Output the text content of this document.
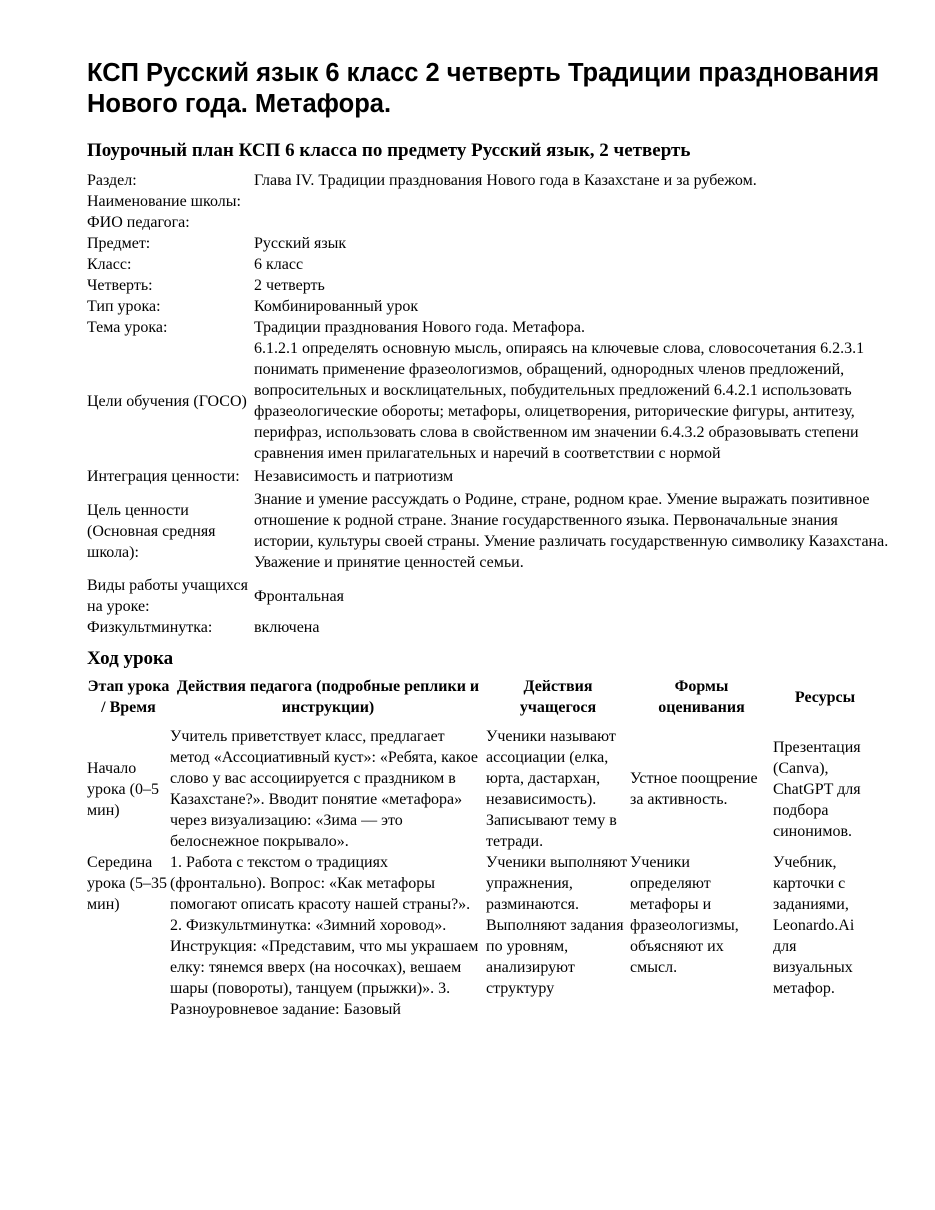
КСП Русский язык 6 класс 2 четверть Традиции празднования Нового года. Метафора.
Поурочный план КСП 6 класса по предмету Русский язык, 2 четверть
Раздел:	Глава IV. Традиции празднования Нового года в Казахстане и за рубежом.
Наименование школы:	
ФИО педагога:	
Предмет:	Русский язык
Класс:	6 класс
Четверть:	2 четверть
Тип урока:	Комбинированный урок
Тема урока:	Традиции празднования Нового года. Метафора.
Цели обучения (ГОСО)	6.1.2.1 определять основную мысль, опираясь на ключевые слова, словосочетания 6.2.3.1 понимать применение фразеологизмов, обращений, однородных членов предложений, вопросительных и восклицательных, побудительных предложений 6.4.2.1 использовать фразеологические обороты; метафоры, олицетворения, риторические фигуры, антитезу, перифраз, использовать слова в свойственном им значении 6.4.3.2 образовывать степени сравнения имен прилагательных и наречий в соответствии с нормой
Интеграция ценности:	Независимость и патриотизм
Цель ценности (Основная средняя школа):	Знание и умение рассуждать о Родине, стране, родном крае. Умение выражать позитивное отношение к родной стране. Знание государственного языка. Первоначальные знания истории, культуры своей страны. Умение различать государственную символику Казахстана. Уважение и принятие ценностей семьи.
Виды работы учащихся на уроке:	Фронтальная
Физкультминутка:	включена
Ход урока
Этап урока / Время	Действия педагога (подробные реплики и инструкции)	Действия учащегося	Формы оценивания	Ресурсы
Начало урока (0–5 мин)	Учитель приветствует класс, предлагает метод «Ассоциативный куст»: «Ребята, какое слово у вас ассоциируется с праздником в Казахстане?». Вводит понятие «метафора» через визуализацию: «Зима — это белоснежное покрывало».	Ученики называют ассоциации (елка, юрта, дастархан, независимость). Записывают тему в тетради.	Устное поощрение за активность.	Презентация (Canva), ChatGPT для подбора синонимов.
Середина урока (5–35 мин)	1. Работа с текстом о традициях (фронтально). Вопрос: «Как метафоры помогают описать красоту нашей страны?». 2. Физкультминутка: «Зимний хоровод». Инструкция: «Представим, что мы украшаем елку: тянемся вверх (на носочках), вешаем шары (повороты), танцуем (прыжки)». 3. Разноуровневое задание: Базовый	Ученики выполняют упражнения, разминаются. Выполняют задания по уровням, анализируют структуру	Ученики определяют метафоры и фразеологизмы, объясняют их смысл.	Учебник, карточки с заданиями, Leonardo.Ai для визуальных метафор.
